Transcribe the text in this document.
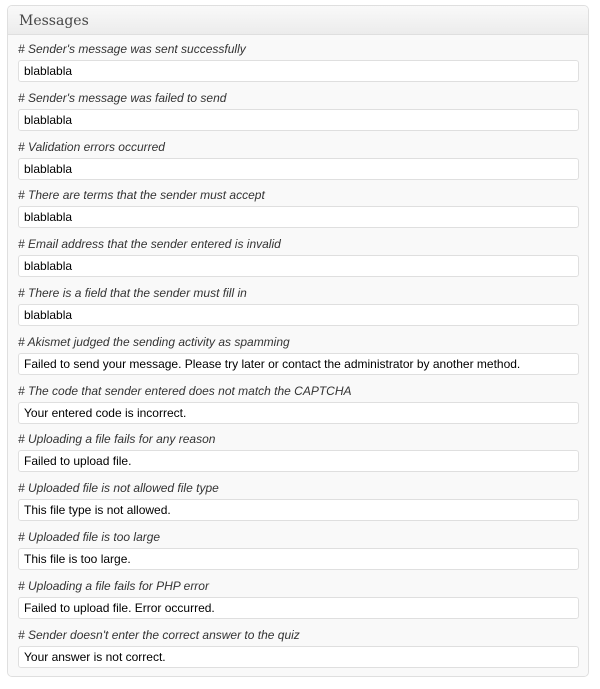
Messages
# Sender's message was sent successfully
blablabla
# Sender's message was failed to send
blablabla
# Validation errors occurred
blablabla
# There are terms that the sender must accept
blablabla
# Email address that the sender entered is invalid
blablabla
# There is a field that the sender must fill in
blablabla
# Akismet judged the sending activity as spamming
Failed to send your message. Please try later or contact the administrator by another method.
# The code that sender entered does not match the CAPTCHA
Your entered code is incorrect.
# Uploading a file fails for any reason
Failed to upload file.
# Uploaded file is not allowed file type
This file type is not allowed.
# Uploaded file is too large
This file is too large.
# Uploading a file fails for PHP error
Failed to upload file. Error occurred.
# Sender doesn't enter the correct answer to the quiz
Your answer is not correct.
